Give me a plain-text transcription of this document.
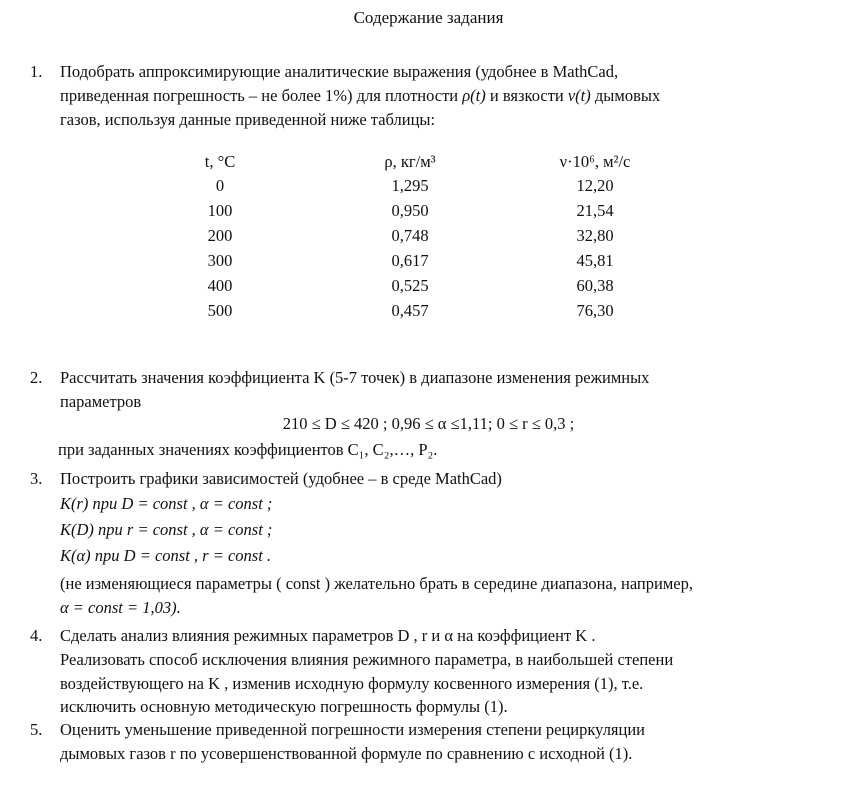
Содержание задания
1. Подобрать аппроксимирующие аналитические выражения (удобнее в MathCad,
приведенная погрешность – не более 1%) для плотности ρ(t) и вязкости ν(t) дымовых
газов, используя данные приведенной ниже таблицы:
t, °C	ρ, кг/м³	ν·10⁶, м²/с
0	1,295	12,20
100	0,950	21,54
200	0,748	32,80
300	0,617	45,81
400	0,525	60,38
500	0,457	76,30
2. Рассчитать значения коэффициента K (5-7 точек) в диапазоне изменения режимных
параметров
210 ≤ D ≤ 420 ; 0,96 ≤ α ≤1,11; 0 ≤ r ≤ 0,3 ;
при заданных значениях коэффициентов C₁, C₂,…, P₂.
3. Построить графики зависимостей (удобнее – в среде MathCad)
K(r) при D = const , α = const ;
K(D) при r = const , α = const ;
K(α) при D = const , r = const .
(не изменяющиеся параметры ( const ) желательно брать в середине диапазона, например,
α = const = 1,03).
4. Сделать анализ влияния режимных параметров D , r и α на коэффициент K .
Реализовать способ исключения влияния режимного параметра, в наибольшей степени
воздействующего на K , изменив исходную формулу косвенного измерения (1), т.е.
исключить основную методическую погрешность формулы (1).
5. Оценить уменьшение приведенной погрешности измерения степени рециркуляции
дымовых газов r по усовершенствованной формуле по сравнению с исходной (1).
